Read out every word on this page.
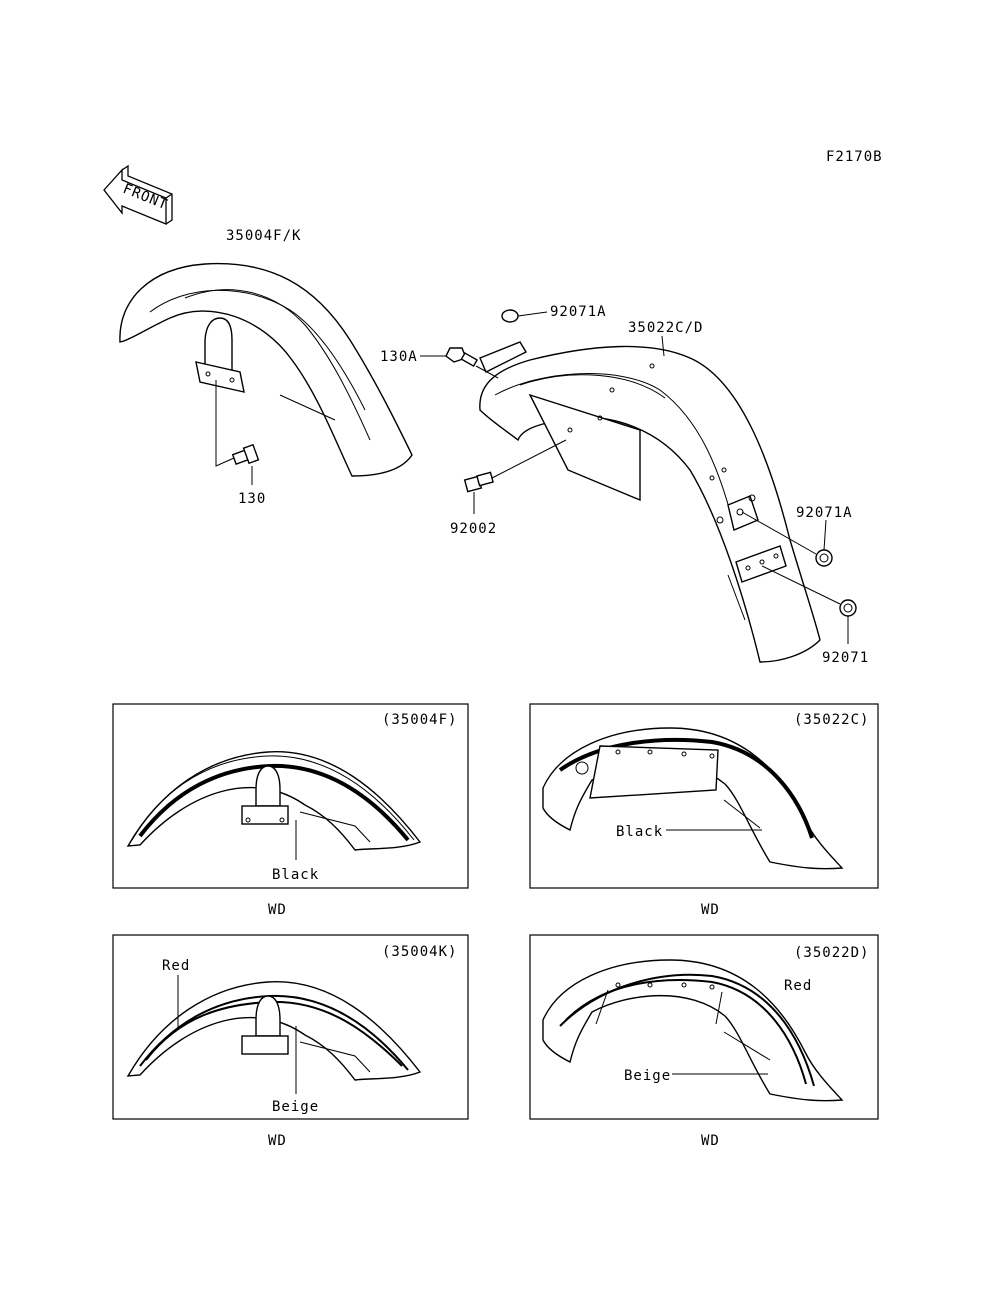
F2170B
FRONT
35004F/K
130
35022C/D
92071A
130A
92002
92071A
92071
(35004F)
Black
WD
(35022C)
Black
WD
(35004K)
Red
Beige
WD
(35022D)
Red
Beige
WD
